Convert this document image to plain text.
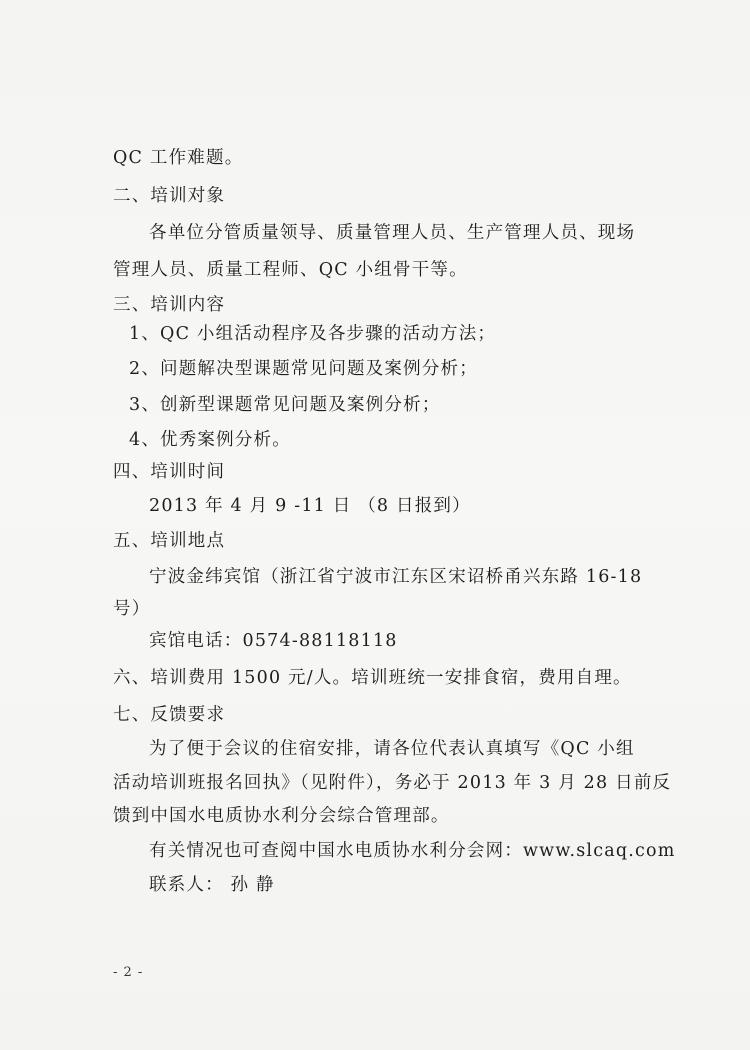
QC 工作难题。
二、培训对象
各单位分管质量领导、质量管理人员、生产管理人员、现场
管理人员、质量工程师、QC 小组骨干等。
三、培训内容
1、QC 小组活动程序及各步骤的活动方法；
2、问题解决型课题常见问题及案例分析；
3、创新型课题常见问题及案例分析；
4、优秀案例分析。
四、培训时间
2013 年 4 月 9 -11 日 （8 日报到）
五、培训地点
宁波金纬宾馆（浙江省宁波市江东区宋诏桥甬兴东路 16-18
号）
宾馆电话：0574-88118118
六、培训费用 1500 元/人。培训班统一安排食宿，费用自理。
七、反馈要求
为了便于会议的住宿安排，请各位代表认真填写《QC 小组
活动培训班报名回执》（见附件），务必于 2013 年 3 月 28 日前反
馈到中国水电质协水利分会综合管理部。
有关情况也可查阅中国水电质协水利分会网：www.slcaq.com
联系人： 孙 静
- 2 -
